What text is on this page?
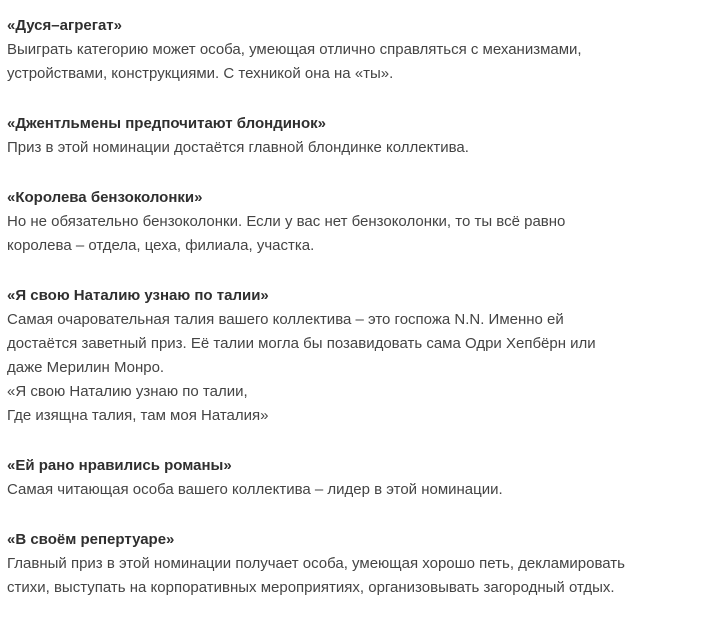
«Дуся–агрегат»

Выиграть категорию может особа, умеющая отлично справляться с механизмами,

устройствами, конструкциями. С техникой она на «ты».

«Джентльмены предпочитают блондинок»

Приз в этой номинации достаётся главной блондинке коллектива.

«Королева бензоколонки»

Но не обязательно бензоколонки. Если у вас нет бензоколонки, то ты всё равно

королева – отдела, цеха, филиала, участка.

«Я свою Наталию узнаю по талии»

Самая очаровательная талия вашего коллектива – это госпожа N.N. Именно ей

достаётся заветный приз. Её талии могла бы позавидовать сама Одри Хепбёрн или

даже Мерилин Монро.

«Я свою Наталию узнаю по талии,

Где изящна талия, там моя Наталия»

«Ей рано нравились романы»

Самая читающая особа вашего коллектива – лидер в этой номинации.

«В своём репертуаре»

Главный приз в этой номинации получает особа, умеющая хорошо петь, декламировать

стихи, выступать на корпоративных мероприятиях, организовывать загородный отдых.
